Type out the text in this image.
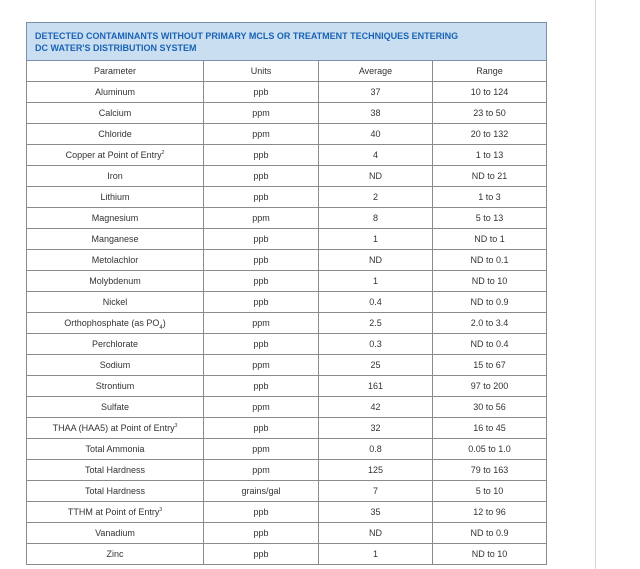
DETECTED CONTAMINANTS WITHOUT PRIMARY MCLS OR TREATMENT TECHNIQUES ENTERING
DC WATER'S DISTRIBUTION SYSTEM			
Parameter	Units	Average	Range
Aluminum	ppb	37	10 to 124
Calcium	ppm	38	23 to 50
Chloride	ppm	40	20 to 132
Copper at Point of Entry$^2$	ppb	4	1 to 13
Iron	ppb	ND	ND to 21
Lithium	ppb	2	1 to 3
Magnesium	ppm	8	5 to 13
Manganese	ppb	1	ND to 1
Metolachlor	ppb	ND	ND to 0.1
Molybdenum	ppb	1	ND to 10
Nickel	ppb	0.4	ND to 0.9
Orthophosphate (as $PO_4$)	ppm	2.5	2.0 to 3.4
Perchlorate	ppb	0.3	ND to 0.4
Sodium	ppm	25	15 to 67
Strontium	ppb	161	97 to 200
Sulfate	ppm	42	30 to 56
THAA (HAA5) at Point of Entry$^3$	ppb	32	16 to 45
Total Ammonia	ppm	0.8	0.05 to 1.0
Total Hardness	ppm	125	79 to 163
Total Hardness	grains/gal	7	5 to 10
TTHM at Point of Entry$^3$	ppb	35	12 to 96
Vanadium	ppb	ND	ND to 0.9
Zinc	ppb	1	ND to 10
